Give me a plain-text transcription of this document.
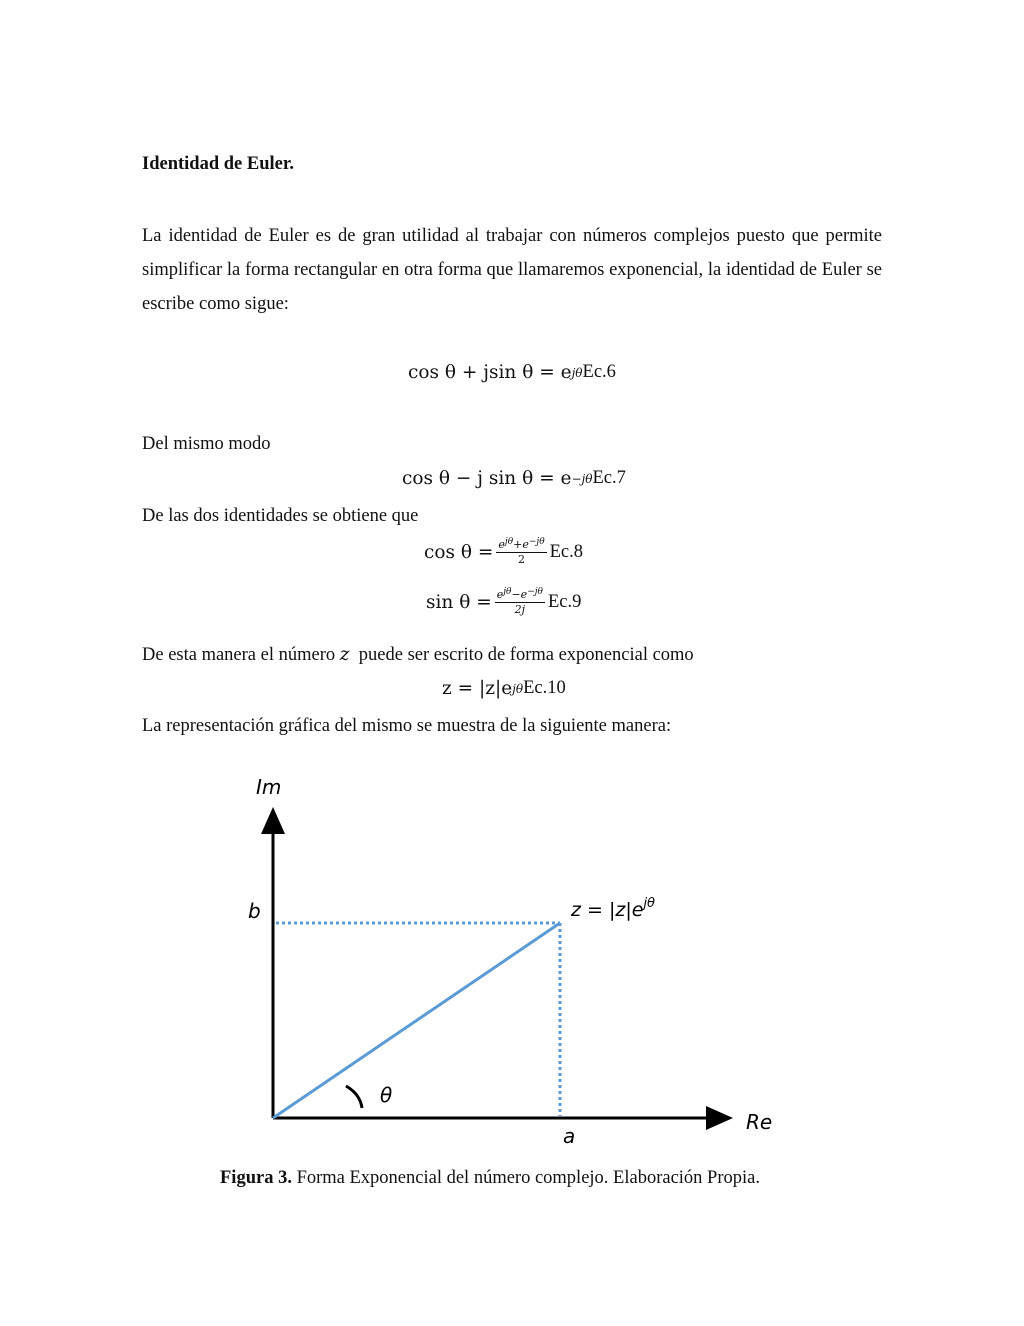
Identidad de Euler.
La identidad de Euler es de gran utilidad al trabajar con números complejos puesto que permite simplificar la forma rectangular en otra forma que llamaremos exponencial, la identidad de Euler se escribe como sigue:
cos θ + jsin θ = e jθ Ec.6
Del mismo modo
cos θ − j sin θ = e −jθ Ec.7
De las dos identidades se obtiene que
$\cos \theta = \frac{e^{j\theta}+e^{-j\theta}}{2} Ec.8$
$\sin \theta = \frac{e^{j\theta}-e^{-j\theta}}{2j} Ec.9$
De esta manera el número z  puede ser escrito de forma exponencial como
z = |z|e jθ Ec.10
La representación gráfica del mismo se muestra de la siguiente manera:
Im
Re
b
a
θ
$z = |z|e^{j\theta}$
Figura 3. Forma Exponencial del número complejo. Elaboración Propia.
